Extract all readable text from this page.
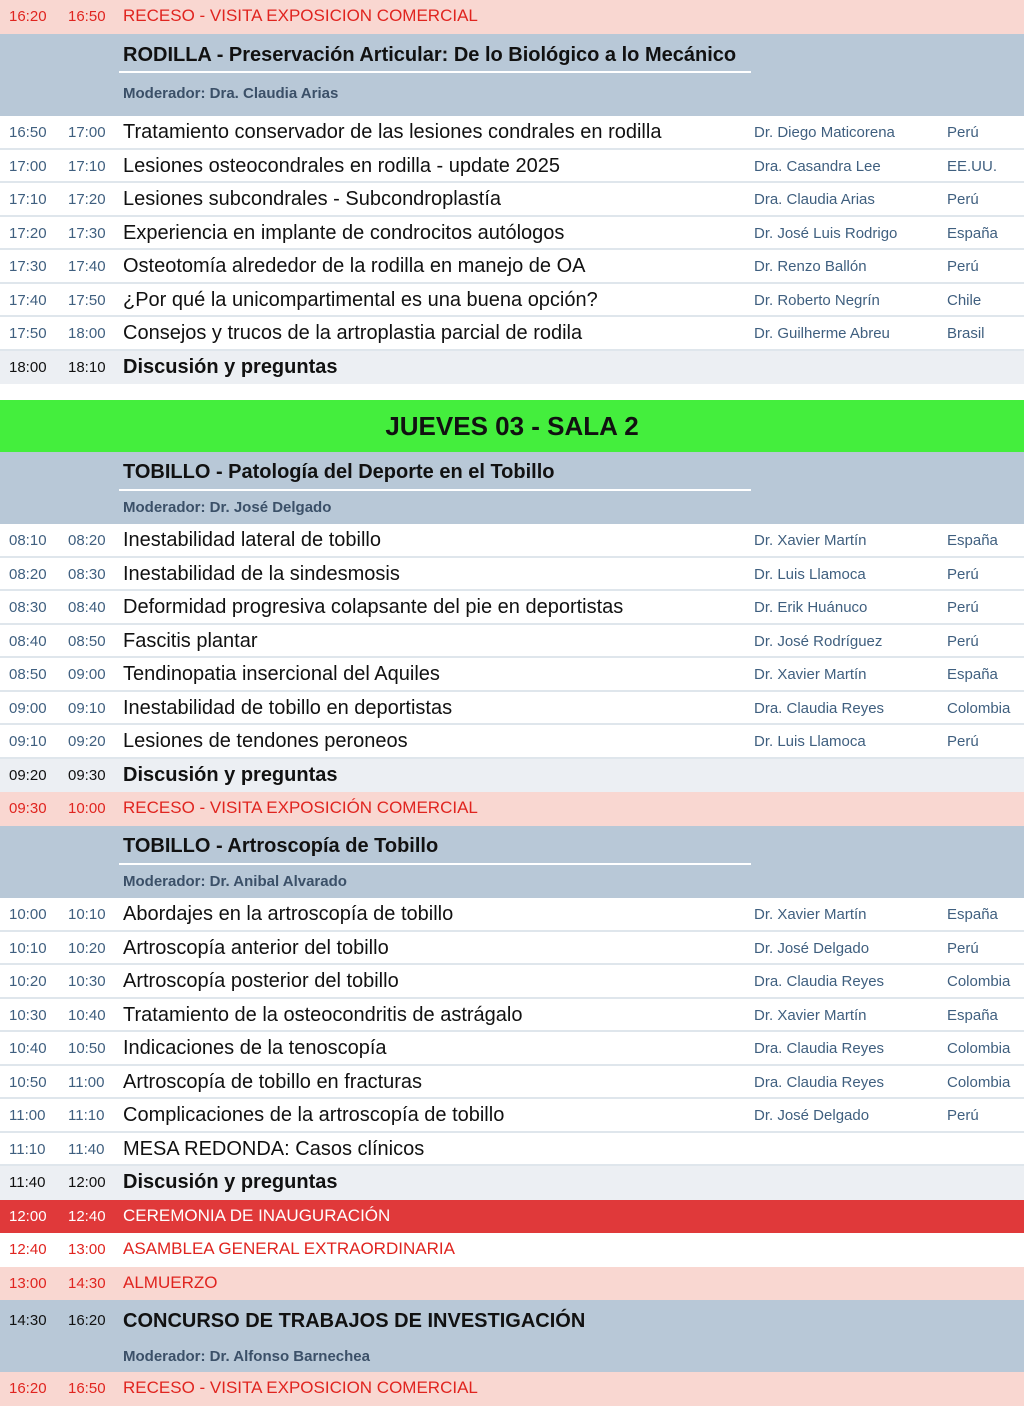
16:20 16:50 RECESO - VISITA EXPOSICION COMERCIAL
RODILLA - Preservación Articular: De lo Biológico a lo Mecánico
Moderador: Dra. Claudia Arias
16:50 17:00 Tratamiento conservador de las lesiones condrales en rodilla	Dr. Diego Maticorena	Perú
17:00 17:10 Lesiones osteocondrales en rodilla - update 2025	Dra. Casandra Lee	EE.UU.
17:10 17:20 Lesiones subcondrales - Subcondroplastía	Dra. Claudia Arias	Perú
17:20 17:30 Experiencia en implante de condrocitos autólogos	Dr. José Luis Rodrigo	España
17:30 17:40 Osteotomía alrededor de la rodilla en manejo de OA	Dr. Renzo Ballón	Perú
17:40 17:50 ¿Por qué la unicompartimental es una buena opción?	Dr. Roberto Negrín	Chile
17:50 18:00 Consejos y trucos de la artroplastia parcial de rodila	Dr. Guilherme Abreu	Brasil
18:00 18:10 Discusión y preguntas
JUEVES 03 - SALA 2
TOBILLO - Patología del Deporte en el Tobillo
Moderador: Dr. José Delgado
08:10 08:20 Inestabilidad lateral de tobillo	Dr. Xavier Martín	España
08:20 08:30 Inestabilidad de la sindesmosis	Dr. Luis Llamoca	Perú
08:30 08:40 Deformidad progresiva colapsante del pie en deportistas	Dr. Erik Huánuco	Perú
08:40 08:50 Fascitis plantar	Dr. José Rodríguez	Perú
08:50 09:00 Tendinopatia insercional del Aquiles	Dr. Xavier Martín	España
09:00 09:10 Inestabilidad de tobillo en deportistas	Dra. Claudia Reyes	Colombia
09:10 09:20 Lesiones de tendones peroneos	Dr. Luis Llamoca	Perú
09:20 09:30 Discusión y preguntas
09:30 10:00 RECESO - VISITA EXPOSICIÓN COMERCIAL
TOBILLO - Artroscopía de Tobillo
Moderador: Dr. Anibal Alvarado
10:00 10:10 Abordajes en la artroscopía de tobillo	Dr. Xavier Martín	España
10:10 10:20 Artroscopía anterior del tobillo	Dr. José Delgado	Perú
10:20 10:30 Artroscopía posterior del tobillo	Dra. Claudia Reyes	Colombia
10:30 10:40 Tratamiento de la osteocondritis de astrágalo	Dr. Xavier Martín	España
10:40 10:50 Indicaciones de la tenoscopía	Dra. Claudia Reyes	Colombia
10:50 11:00 Artroscopía de tobillo en fracturas	Dra. Claudia Reyes	Colombia
11:00 11:10 Complicaciones de la artroscopía de tobillo	Dr. José Delgado	Perú
11:10 11:40 MESA REDONDA: Casos clínicos
11:40 12:00 Discusión y preguntas
12:00 12:40 CEREMONIA DE INAUGURACIÓN
12:40 13:00 ASAMBLEA GENERAL EXTRAORDINARIA
13:00 14:30 ALMUERZO
14:30 16:20 CONCURSO DE TRABAJOS DE INVESTIGACIÓN
Moderador: Dr. Alfonso Barnechea
16:20 16:50 RECESO - VISITA EXPOSICION COMERCIAL
